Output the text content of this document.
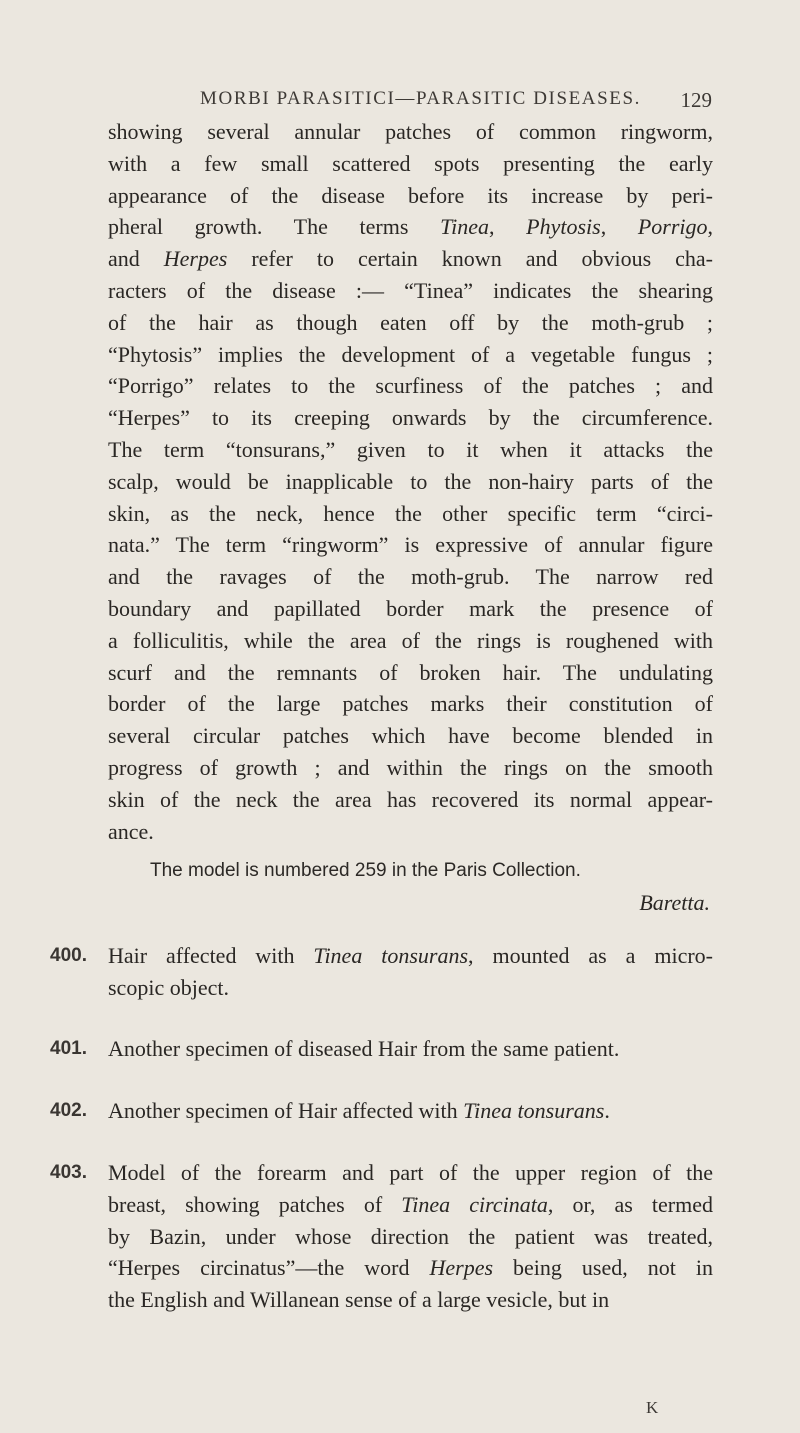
MORBI PARASITICI—PARASITIC DISEASES. 129
showing several annular patches of common ringworm,
with a few small scattered spots presenting the early
appearance of the disease before its increase by peri-
pheral growth. The terms Tinea, Phytosis, Porrigo,
and Herpes refer to certain known and obvious cha-
racters of the disease :— “Tinea” indicates the shearing
of the hair as though eaten off by the moth-grub ;
“Phytosis” implies the development of a vegetable fungus ;
“Porrigo” relates to the scurfiness of the patches ; and
“Herpes” to its creeping onwards by the circumference.
The term “tonsurans,” given to it when it attacks the
scalp, would be inapplicable to the non-hairy parts of the
skin, as the neck, hence the other specific term “circi-
nata.” The term “ringworm” is expressive of annular figure
and the ravages of the moth-grub. The narrow red
boundary and papillated border mark the presence of
a folliculitis, while the area of the rings is roughened with
scurf and the remnants of broken hair. The undulating
border of the large patches marks their constitution of
several circular patches which have become blended in
progress of growth ; and within the rings on the smooth
skin of the neck the area has recovered its normal appear-
ance.
The model is numbered 259 in the Paris Collection.
Baretta.
400. Hair affected with Tinea tonsurans, mounted as a micro-
scopic object.
401. Another specimen of diseased Hair from the same patient.
402. Another specimen of Hair affected with Tinea tonsurans.
403. Model of the forearm and part of the upper region of the
breast, showing patches of Tinea circinata, or, as termed
by Bazin, under whose direction the patient was treated,
“Herpes circinatus”—the word Herpes being used, not in
the English and Willanean sense of a large vesicle, but in
K
